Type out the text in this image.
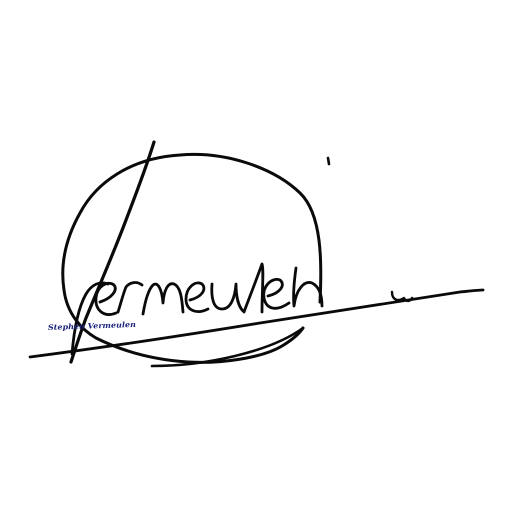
Stephen Vermeulen
